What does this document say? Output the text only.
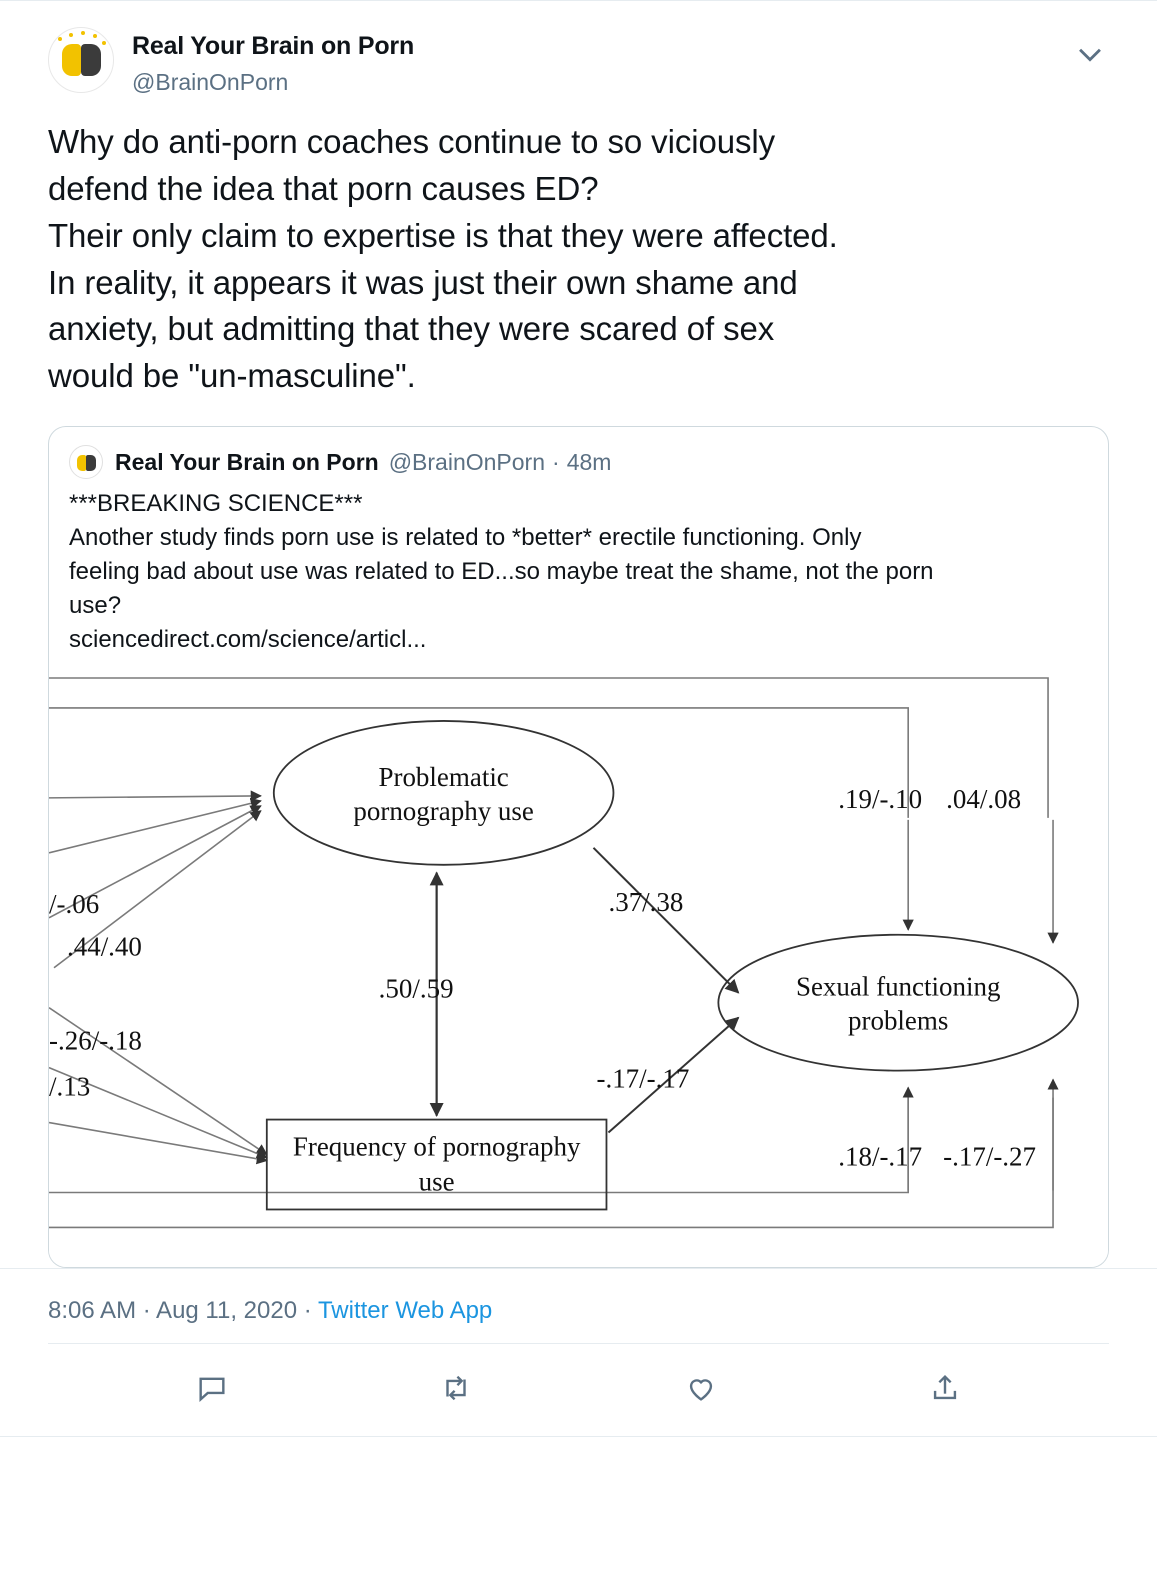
Real Your Brain on Porn
@BrainOnPorn
Why do anti-porn coaches continue to so viciously
defend the idea that porn causes ED?
Their only claim to expertise is that they were affected.
In reality, it appears it was just their own shame and
anxiety, but admitting that they were scared of sex
would be "un-masculine".
Real Your Brain on Porn @BrainOnPorn · 48m
***BREAKING SCIENCE***
Another study finds porn use is related to *better* erectile functioning. Only
feeling bad about use was related to ED...so maybe treat the shame, not the porn
use?
sciencedirect.com/science/articl...
Problematic
pornography use
Sexual functioning
problems
Frequency of pornography
use
/-.06
.44/.40
-.26/-.18
/.13
.50/.59
.37/.38
-.17/-.17
.19/-.10 .04/.08
.18/-.17 -.17/-.27
8:06 AM · Aug 11, 2020 · Twitter Web App
